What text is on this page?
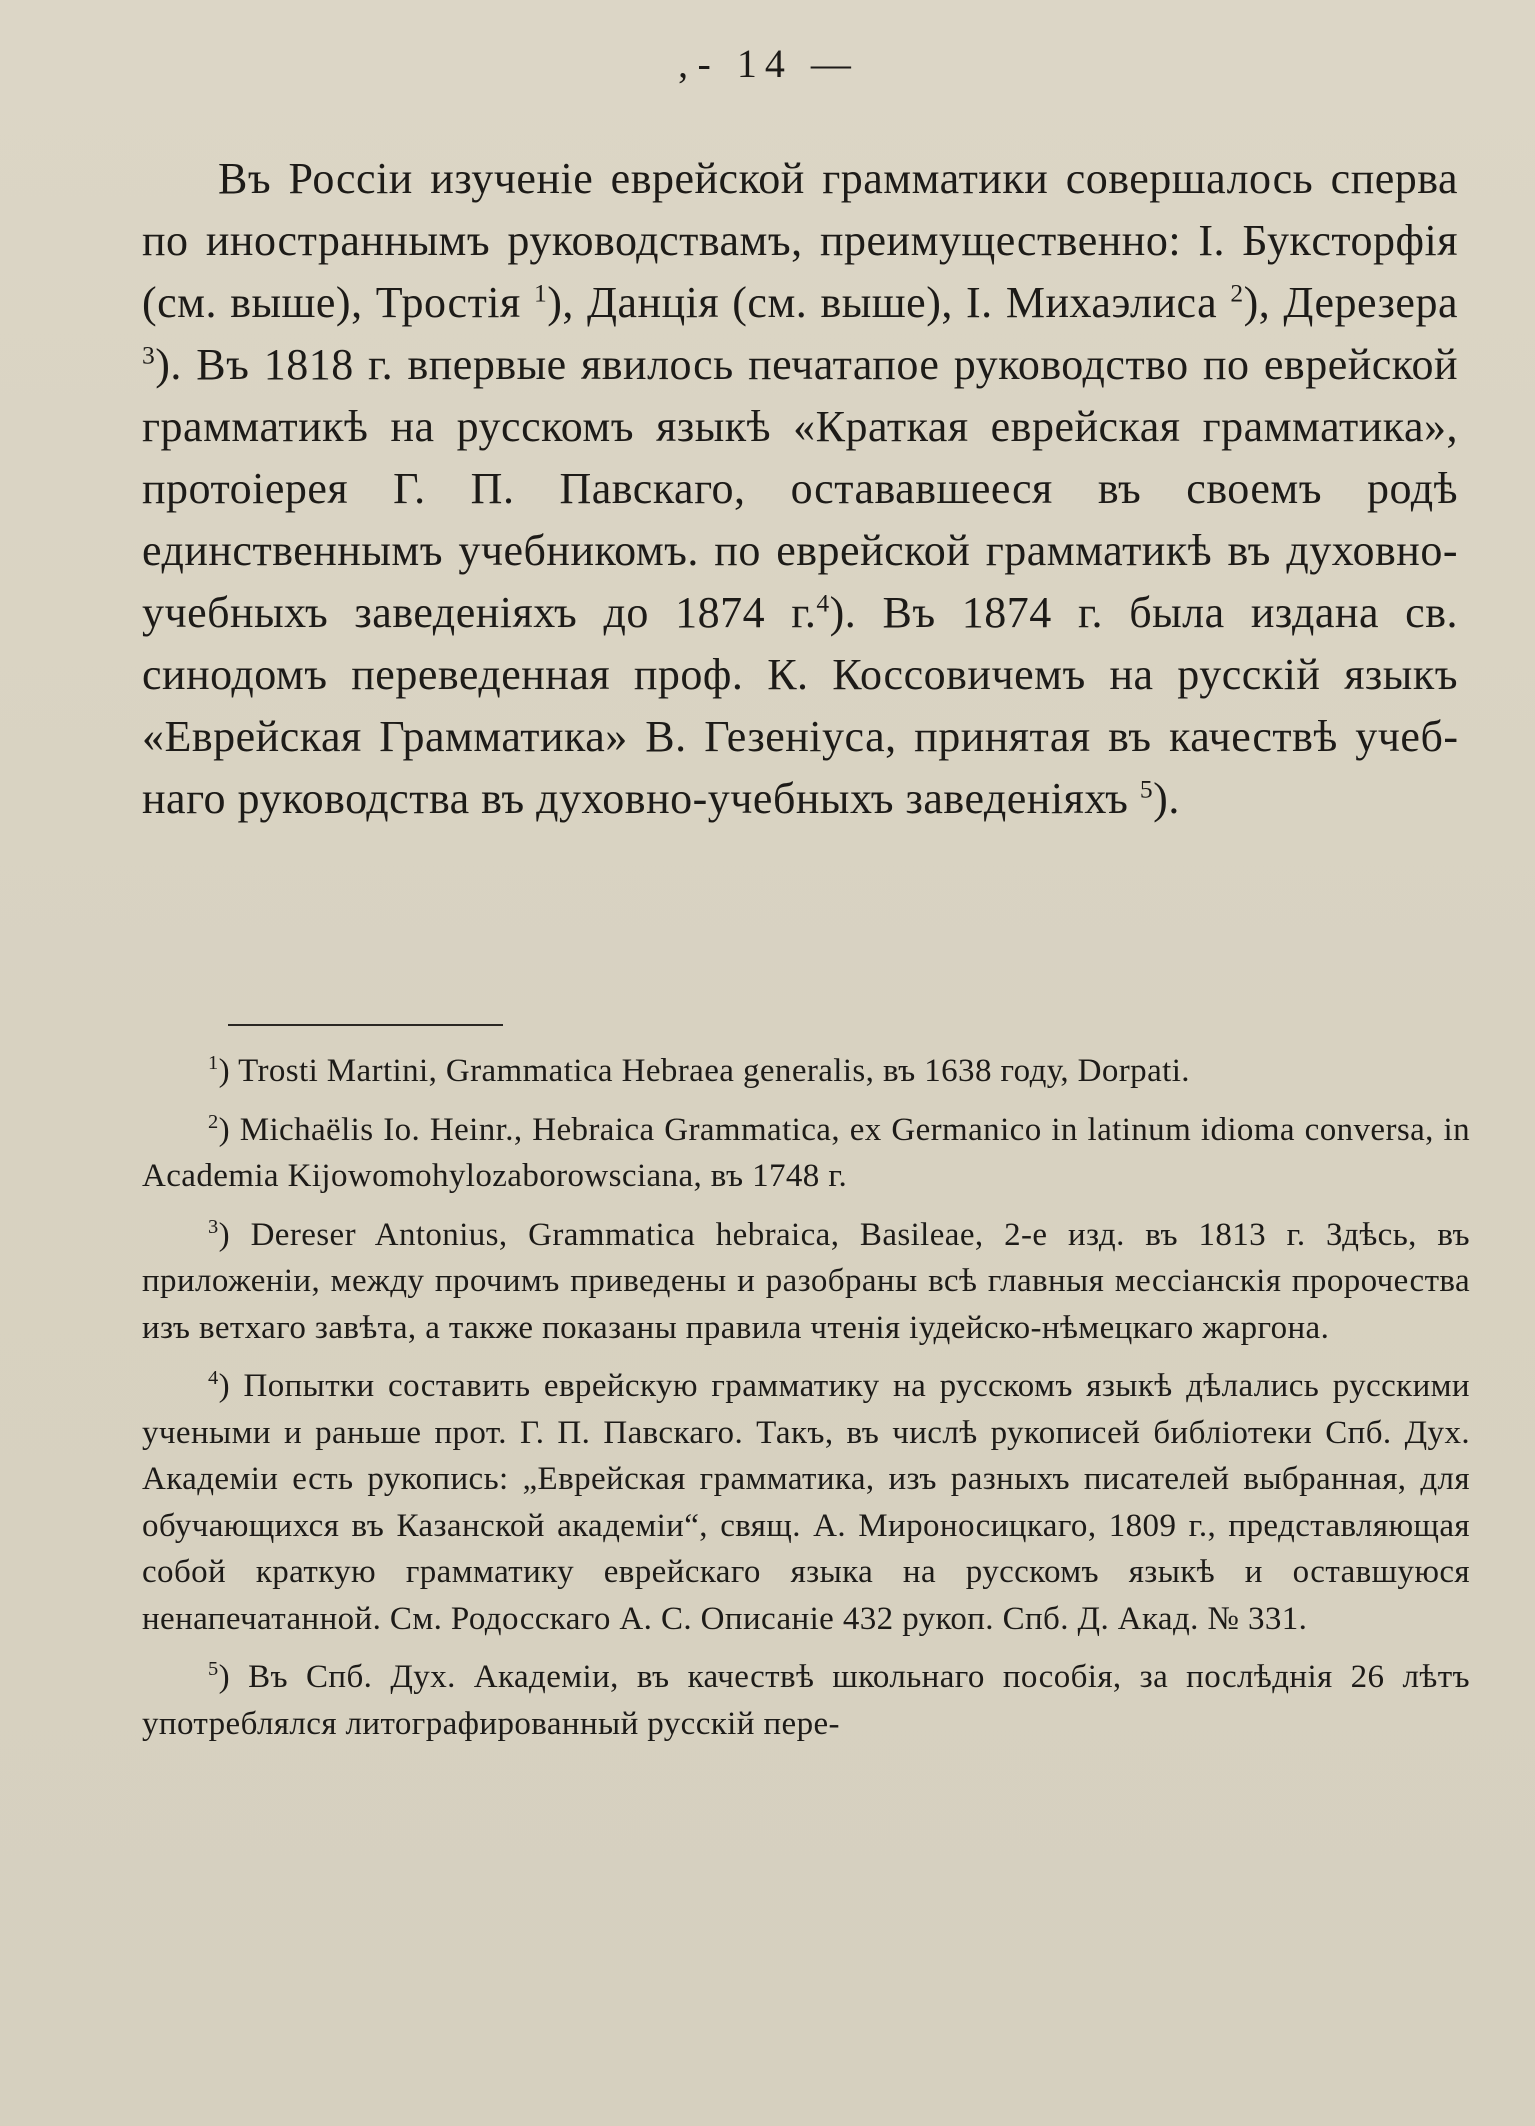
‚- 14 —

Въ Россіи изученіе еврейской грамматики совершалось сперва по иностраннымъ руководствамъ, преимущественно: I. Букcторфія (см. выше), Тростія $^1$), Данція (см. выше), I. Михаэлиса $^2$), Дерезера $^3$). Въ 1818 г. впервые явилось печатапое руководство по еврейской грамматикѣ на русскомъ языкѣ «Краткая еврейская грамматика», протоіерея Г. П. Павскаго, остававшееся въ своемъ родѣ единственнымъ учебникомъ. по еврейской грамматикѣ въ духовно-учебныхъ заведеніяхъ до 1874 г.$^4$). Въ 1874 г. была издана св. синодомъ переведенная проф. К. Коссовичемъ на русскій языкъ «Еврейская Грамматика» В. Гезеніуса, принятая въ качествѣ учебнаго руководства въ духовно-учебныхъ заведеніяхъ $^5$).

$^1$) Trosti Martini, Grammatica Hebraea generalis, въ 1638 году, Dorpati.

$^2$) Michaëlis Io. Heinr., Hebraica Grammatica, ex Germanico in latinum idioma conversa, in Academia Kijowomohylozaborowsciana, въ 1748 г.

$^3$) Dereser Antonius, Grammatica hebraica, Basileae, 2-е изд. въ 1813 г. Здѣсь, въ приложеніи, между прочимъ приведены и разобраны всѣ главныя мессіанскія пророчества изъ ветхаго завѣта, а также показаны правила чтенія іудейско-нѣмецкаго жаргона.

$^4$) Попытки составить еврейскую грамматику на русскомъ языкѣ дѣлались русскими учеными и раньше прот. Г. П. Павскаго. Такъ, въ числѣ рукописей библіотеки Спб. Дух. Академіи есть рукопись: „Еврейская грамматика, изъ разныхъ писателей выбранная, для обучающихся въ Казанской академіи“, свящ. А. Мироносицкаго, 1809 г., представляющая собой краткую грамматику еврейскаго языка на русскомъ языкѣ и оставшуюся ненапечатанной. См. Родосскаго А. С. Описаніе 432 рукоп. Спб. Д. Акад. № 331.

$^5$) Въ Спб. Дух. Академіи, въ качествѣ школьнаго пособія, за послѣднія 26 лѣтъ употреблялся литографированный русскій пере-
